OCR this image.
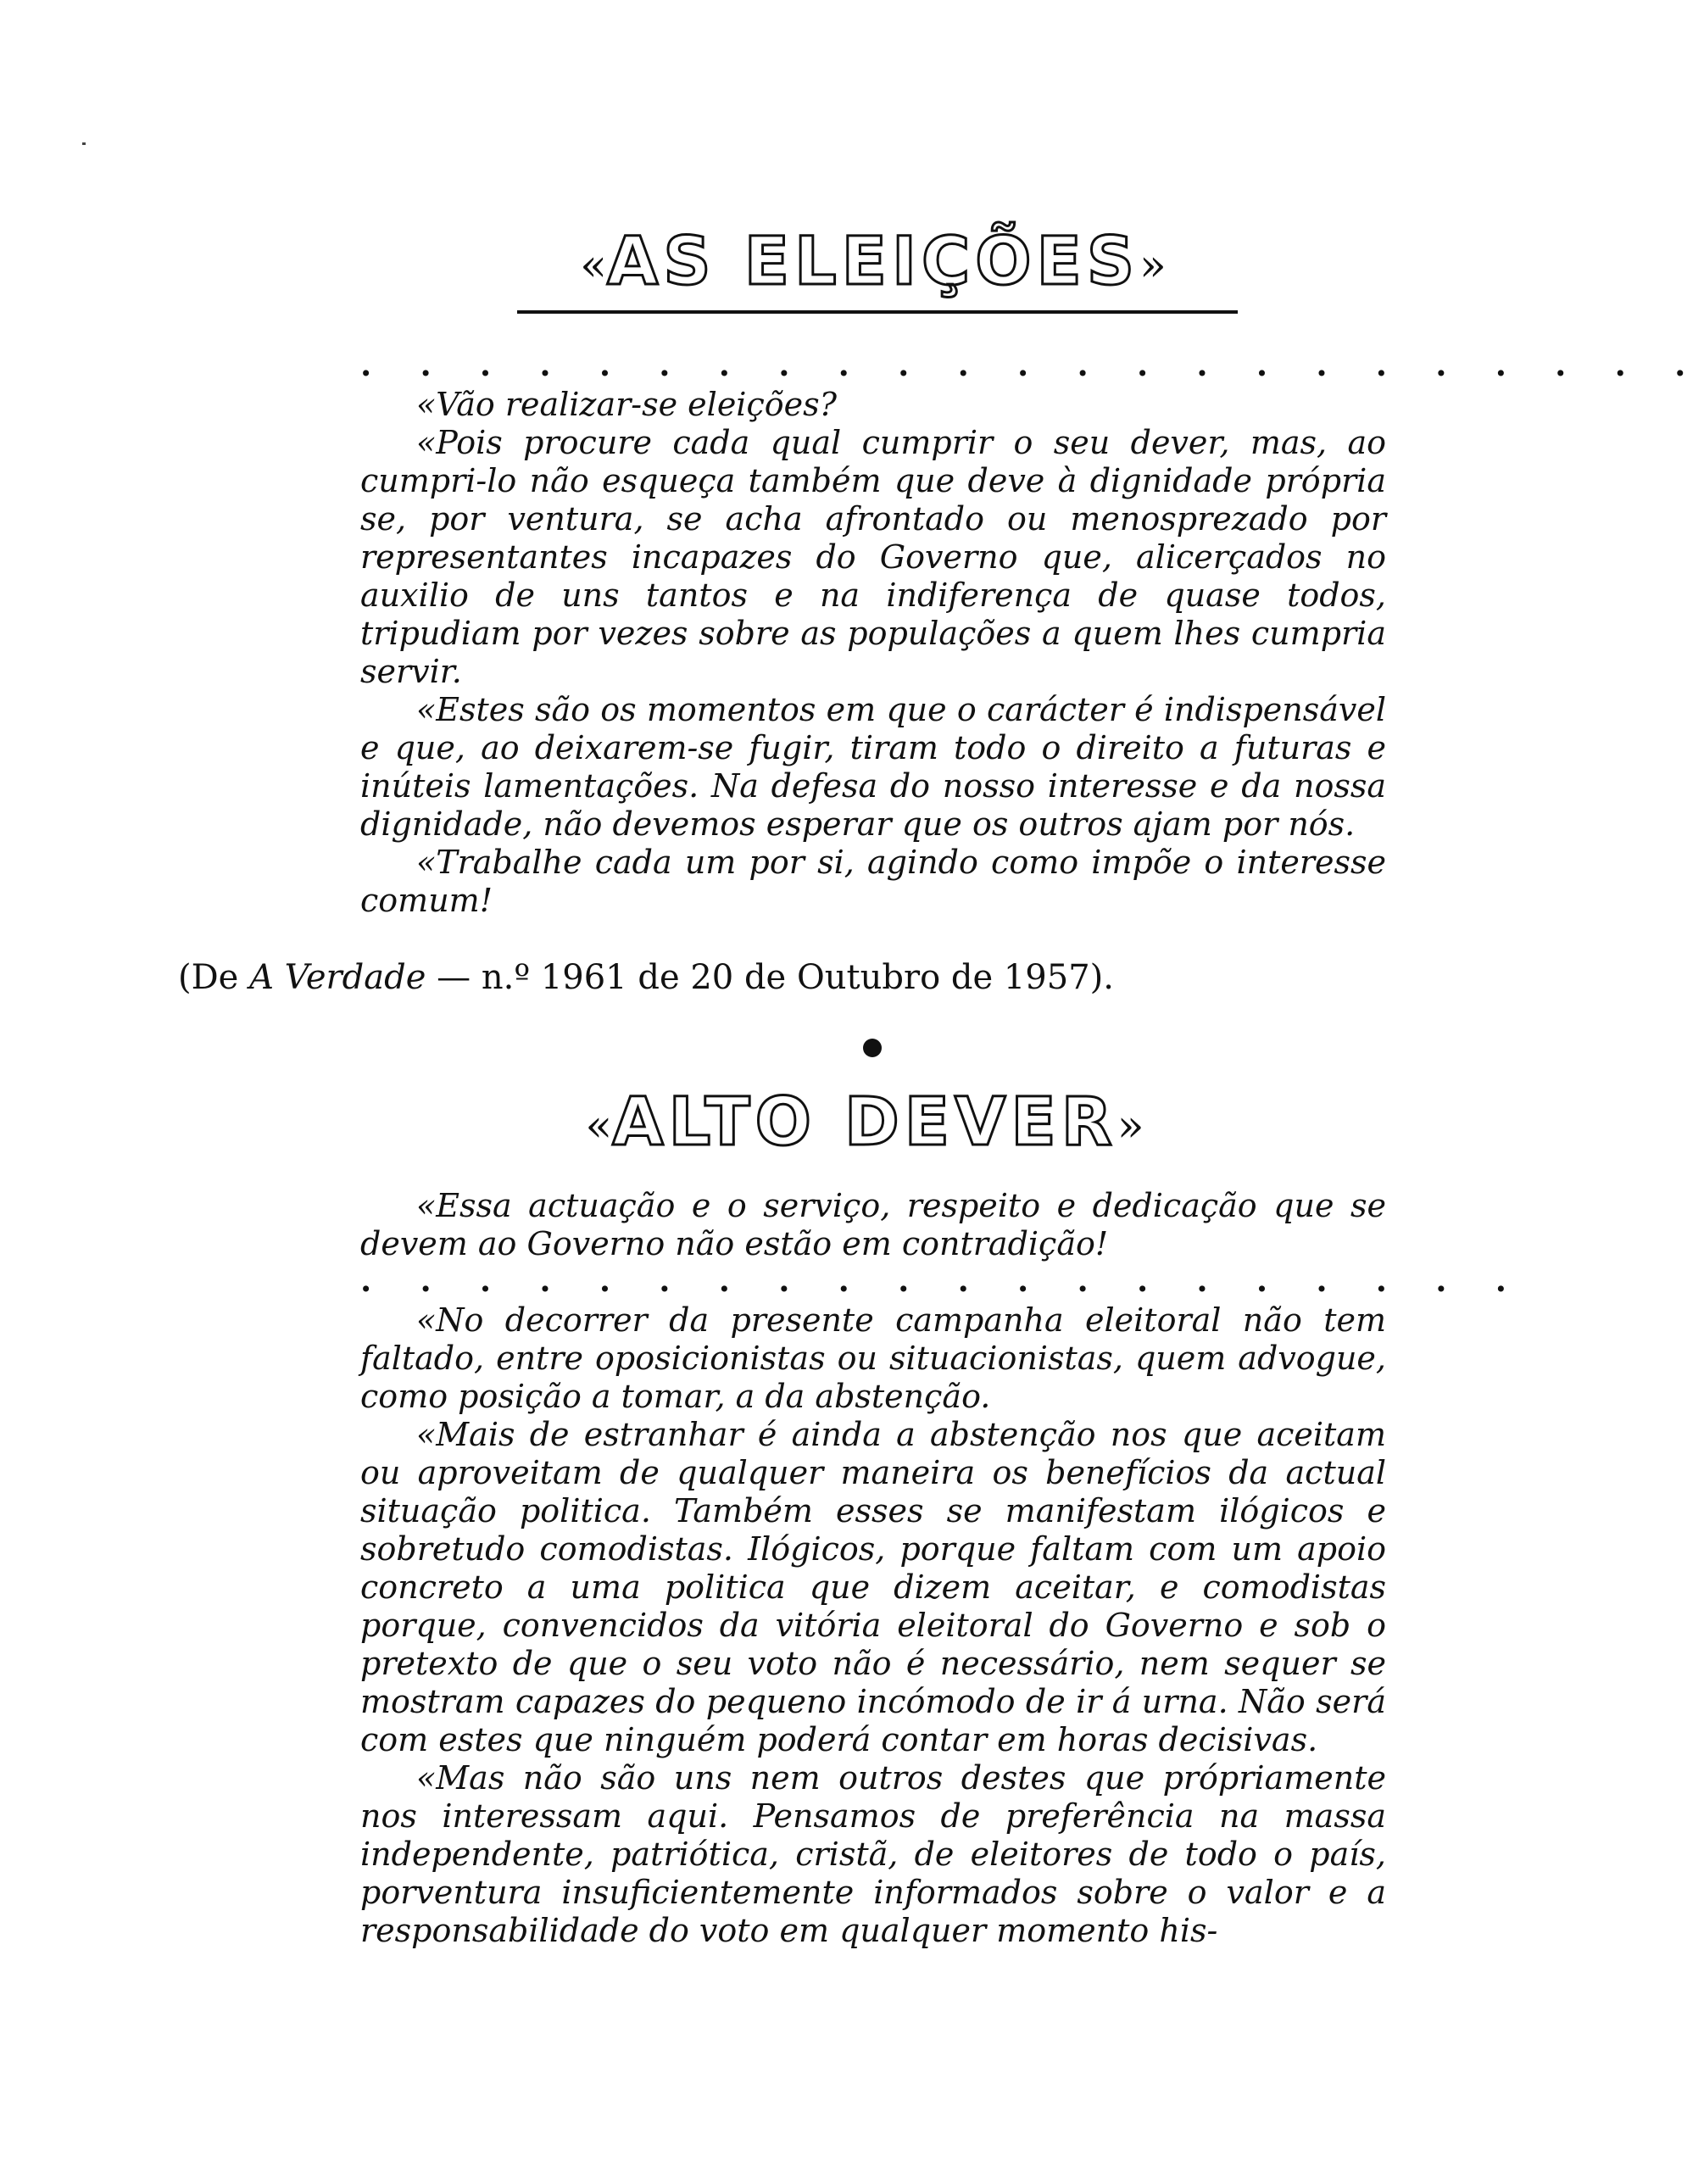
«AS ELEIÇÕES»
. . . . . . . . . . . . . . . . . . . . . . .

«Vão realizar-se eleições?

«Pois procure cada qual cumprir o seu dever, mas, ao cumpri-lo não esqueça também que deve à dignidade própria se, por ventura, se acha afrontado ou menosprezado por representantes incapazes do Governo que, alicerçados no auxilio de uns tantos e na indiferença de quase todos, tripudiam por vezes sobre as populações a quem lhes cumpria servir.

«Estes são os momentos em que o carácter é indispensável e que, ao deixarem-se fugir, tiram todo o direito a futuras e inúteis lamentações. Na defesa do nosso interesse e da nossa dignidade, não devemos esperar que os outros ajam por nós.

«Trabalhe cada um por si, agindo como impõe o interesse comum!

(De A Verdade — n.º 1961 de 20 de Outubro de 1957).
«ALTO DEVER»

«Essa actuação e o serviço, respeito e dedicação que se devem ao Governo não estão em contradição!

. . . . . . . . . . . . . . . . . . . .

«No decorrer da presente campanha eleitoral não tem faltado, entre oposicionistas ou situacionistas, quem advogue, como posição a tomar, a da abstenção.

«Mais de estranhar é ainda a abstenção nos que aceitam ou aproveitam de qualquer maneira os benefícios da actual situação politica. Também esses se manifestam ilógicos e sobretudo comodistas. Ilógicos, porque faltam com um apoio concreto a uma politica que dizem aceitar, e comodistas porque, convencidos da vitória eleitoral do Governo e sob o pretexto de que o seu voto não é necessário, nem sequer se mostram capazes do pequeno incómodo de ir á urna. Não será com estes que ninguém poderá contar em horas decisivas.

«Mas não são uns nem outros destes que própriamente nos interessam aqui. Pensamos de preferência na massa independente, patriótica, cristã, de eleitores de todo o país, porventura insuficientemente informados sobre o valor e a responsabilidade do voto em qualquer momento his-
